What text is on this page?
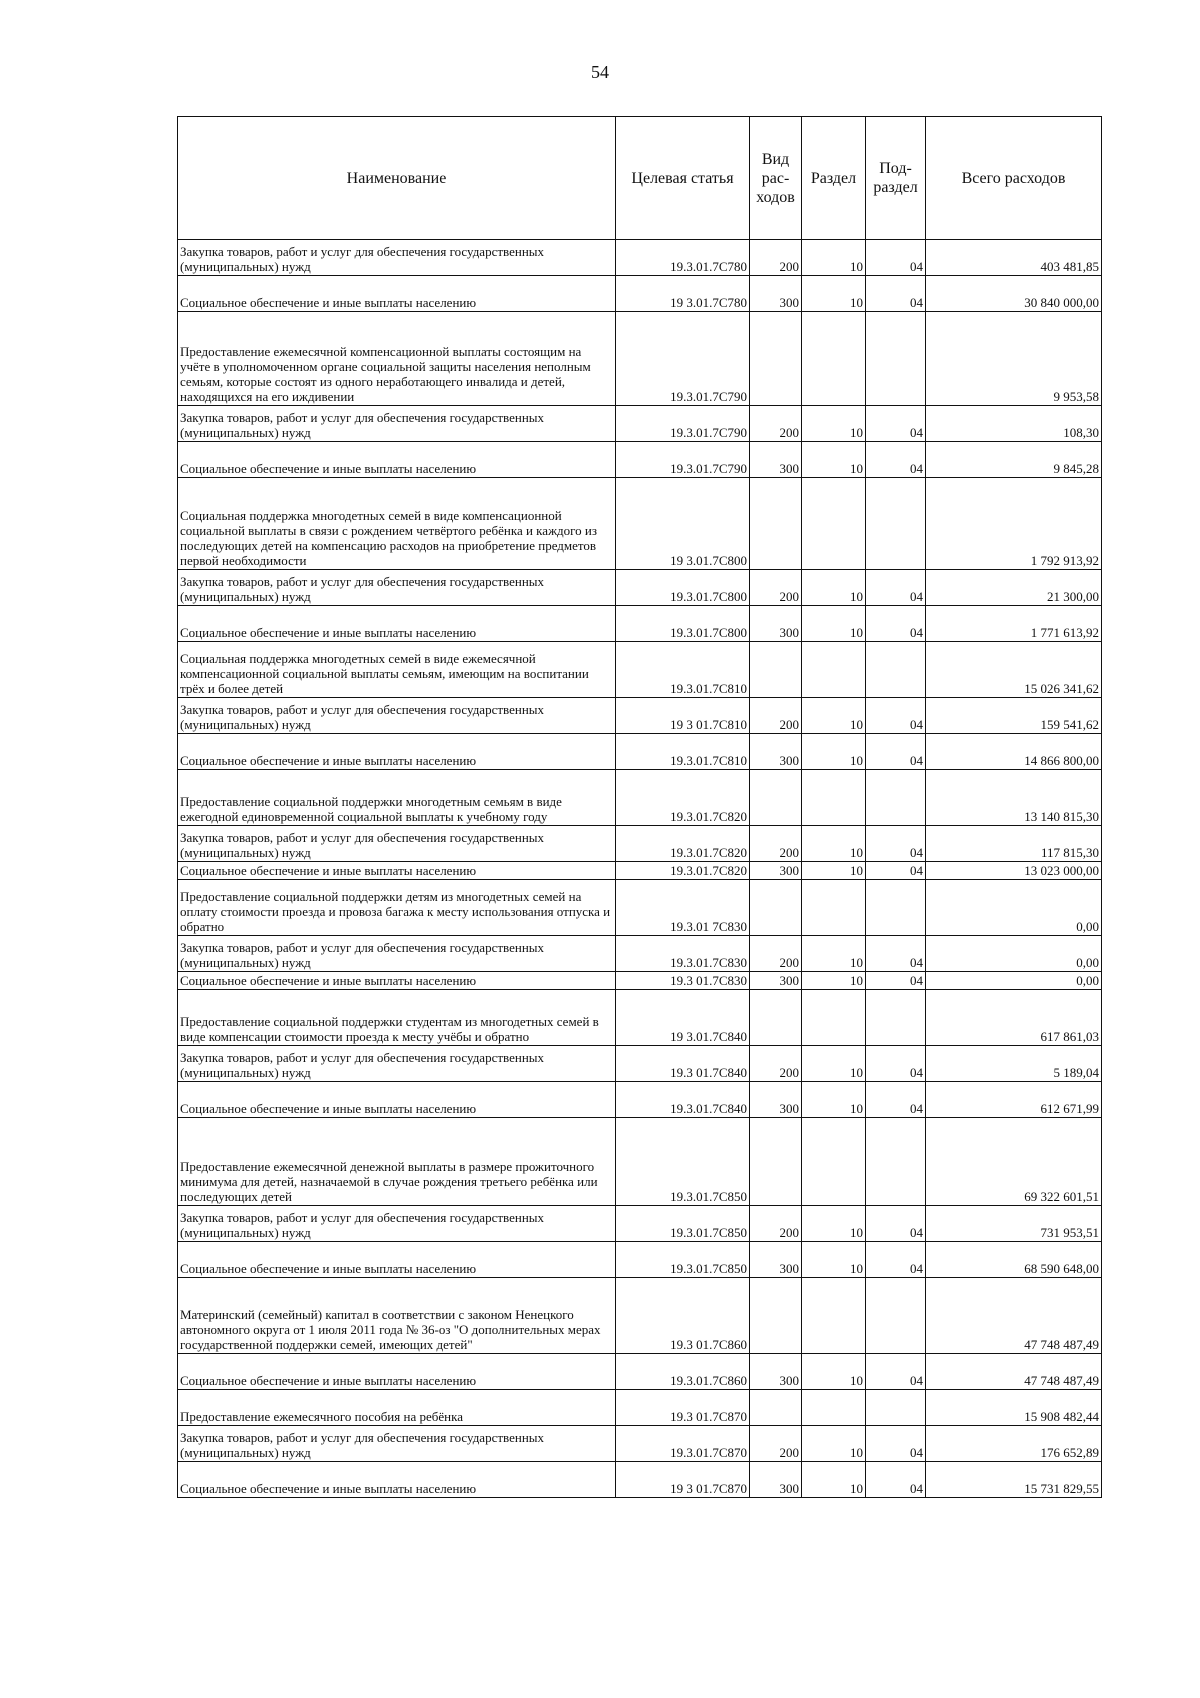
54
Наименование	Целевая статья	Вид рас- ходов	Раздел	Под- раздел	Всего расходов
Закупка товаров, работ и услуг для обеспечения государственных (муниципальных) нужд	19.3.01.7С780	200	10	04	403 481,85
Социальное обеспечение и иные выплаты населению	19 3.01.7С780	300	10	04	30 840 000,00
Предоставление ежемесячной компенсационной выплаты состоящим на учёте в уполномоченном органе социальной защиты населения неполным семьям, которые состоят из одного неработающего инвалида и детей, находящихся на его иждивении	19.3.01.7С790				9 953,58
Закупка товаров, работ и услуг для обеспечения государственных (муниципальных) нужд	19.3.01.7С790	200	10	04	108,30
Социальное обеспечение и иные выплаты населению	19.3.01.7С790	300	10	04	9 845,28
Социальная поддержка многодетных семей в виде компенсационной социальной выплаты в связи с рождением четвёртого ребёнка и каждого из последующих детей на компенсацию расходов на приобретение предметов первой необходимости	19 3.01.7С800				1 792 913,92
Закупка товаров, работ и услуг для обеспечения государственных (муниципальных) нужд	19.3.01.7С800	200	10	04	21 300,00
Социальное обеспечение и иные выплаты населению	19.3.01.7С800	300	10	04	1 771 613,92
Социальная поддержка многодетных семей в виде ежемесячной компенсационной социальной выплаты семьям, имеющим на воспитании трёх и более детей	19.3.01.7С810				15 026 341,62
Закупка товаров, работ и услуг для обеспечения государственных (муниципальных) нужд	19 3 01.7С810	200	10	04	159 541,62
Социальное обеспечение и иные выплаты населению	19.3.01.7С810	300	10	04	14 866 800,00
Предоставление социальной поддержки многодетным семьям в виде ежегодной единовременной социальной выплаты к учебному году	19.3.01.7С820				13 140 815,30
Закупка товаров, работ и услуг для обеспечения государственных (муниципальных) нужд	19.3.01.7С820	200	10	04	117 815,30
Социальное обеспечение и иные выплаты населению	19.3.01.7С820	300	10	04	13 023 000,00
Предоставление социальной поддержки детям из многодетных семей на оплату стоимости проезда и провоза багажа к месту использования отпуска и обратно	19.3.01 7С830				0,00
Закупка товаров, работ и услуг для обеспечения государственных (муниципальных) нужд	19.3.01.7С830	200	10	04	0,00
Социальное обеспечение и иные выплаты населению	19.3 01.7С830	300	10	04	0,00
Предоставление социальной поддержки студентам из многодетных семей в виде компенсации стоимости проезда к месту учёбы и обратно	19 3.01.7С840				617 861,03
Закупка товаров, работ и услуг для обеспечения государственных (муниципальных) нужд	19.3 01.7С840	200	10	04	5 189,04
Социальное обеспечение и иные выплаты населению	19.3.01.7С840	300	10	04	612 671,99
Предоставление ежемесячной денежной выплаты в размере прожиточного минимума для детей, назначаемой в случае рождения третьего ребёнка или последующих детей	19.3.01.7С850				69 322 601,51
Закупка товаров, работ и услуг для обеспечения государственных (муниципальных) нужд	19.3.01.7С850	200	10	04	731 953,51
Социальное обеспечение и иные выплаты населению	19.3.01.7С850	300	10	04	68 590 648,00
Материнский (семейный) капитал в соответствии с законом Ненецкого автономного округа от 1 июля 2011 года № 36-оз "О дополнительных мерах государственной поддержки семей, имеющих детей"	19.3 01.7С860				47 748 487,49
Социальное обеспечение и иные выплаты населению	19.3.01.7С860	300	10	04	47 748 487,49
Предоставление ежемесячного пособия на ребёнка	19.3 01.7С870				15 908 482,44
Закупка товаров, работ и услуг для обеспечения государственных (муниципальных) нужд	19.3.01.7С870	200	10	04	176 652,89
Социальное обеспечение и иные выплаты населению	19 3 01.7С870	300	10	04	15 731 829,55
